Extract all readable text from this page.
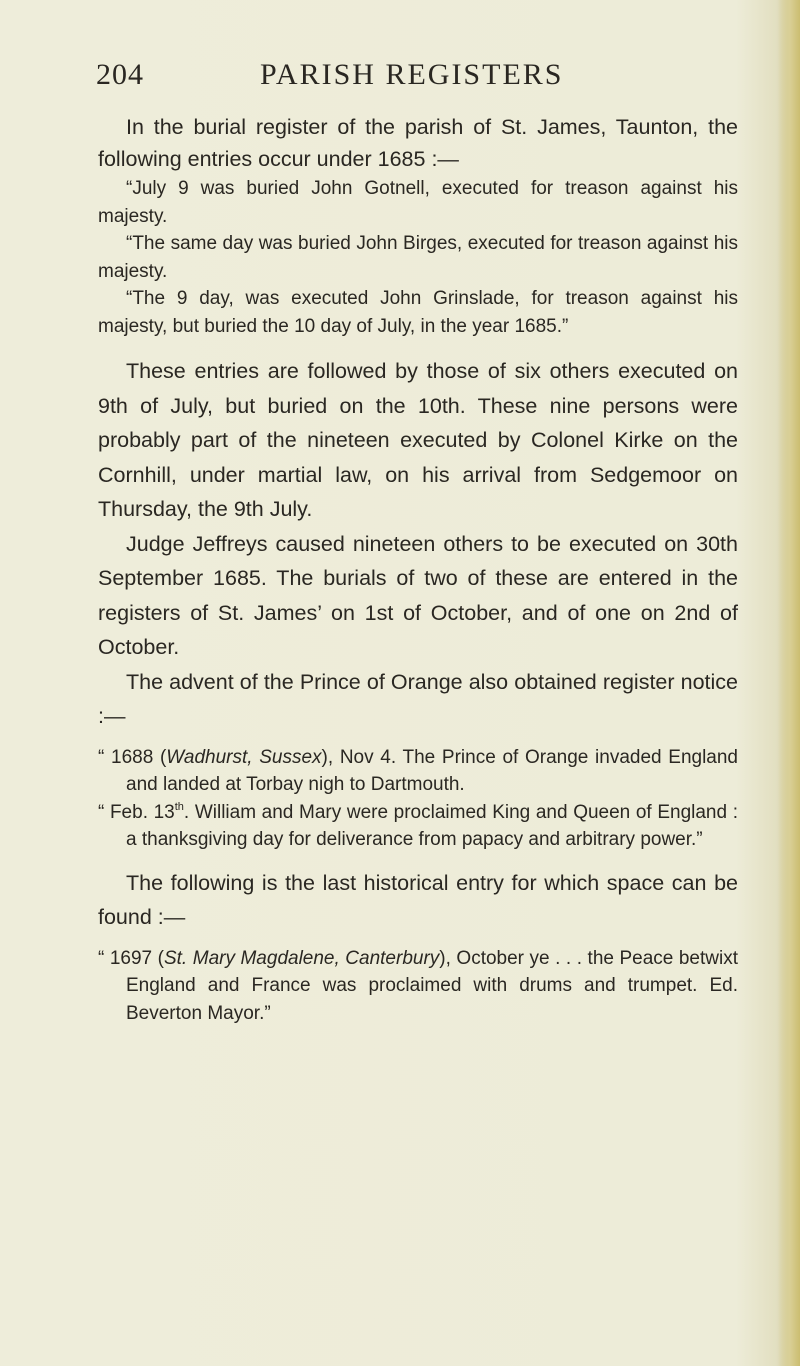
204	PARISH REGISTERS

In the burial register of the parish of St. James, Taunton, the following entries occur under 1685 :—

“July 9 was buried John Gotnell, executed for treason against his majesty.

“The same day was buried John Birges, executed for treason against his majesty.

“The 9 day, was executed John Grinslade, for treason against his majesty, but buried the 10 day of July, in the year 1685.”

These entries are followed by those of six others executed on 9th of July, but buried on the 10th. These nine persons were probably part of the nineteen executed by Colonel Kirke on the Cornhill, under martial law, on his arrival from Sedgemoor on Thursday, the 9th July.

Judge Jeffreys caused nineteen others to be executed on 30th September 1685. The burials of two of these are entered in the registers of St. James’ on 1st of October, and of one on 2nd of October.

The advent of the Prince of Orange also obtained register notice :—

“ 1688 (Wadhurst, Sussex), Nov 4. The Prince of Orange invaded England and landed at Torbay nigh to Dartmouth.

“ Feb. 13th. William and Mary were proclaimed King and Queen of England : a thanksgiving day for deliverance from papacy and arbitrary power.”

The following is the last historical entry for which space can be found :—

“ 1697 (St. Mary Magdalene, Canterbury), October ye . . . the Peace betwixt England and France was proclaimed with drums and trumpet. Ed. Beverton Mayor.”
